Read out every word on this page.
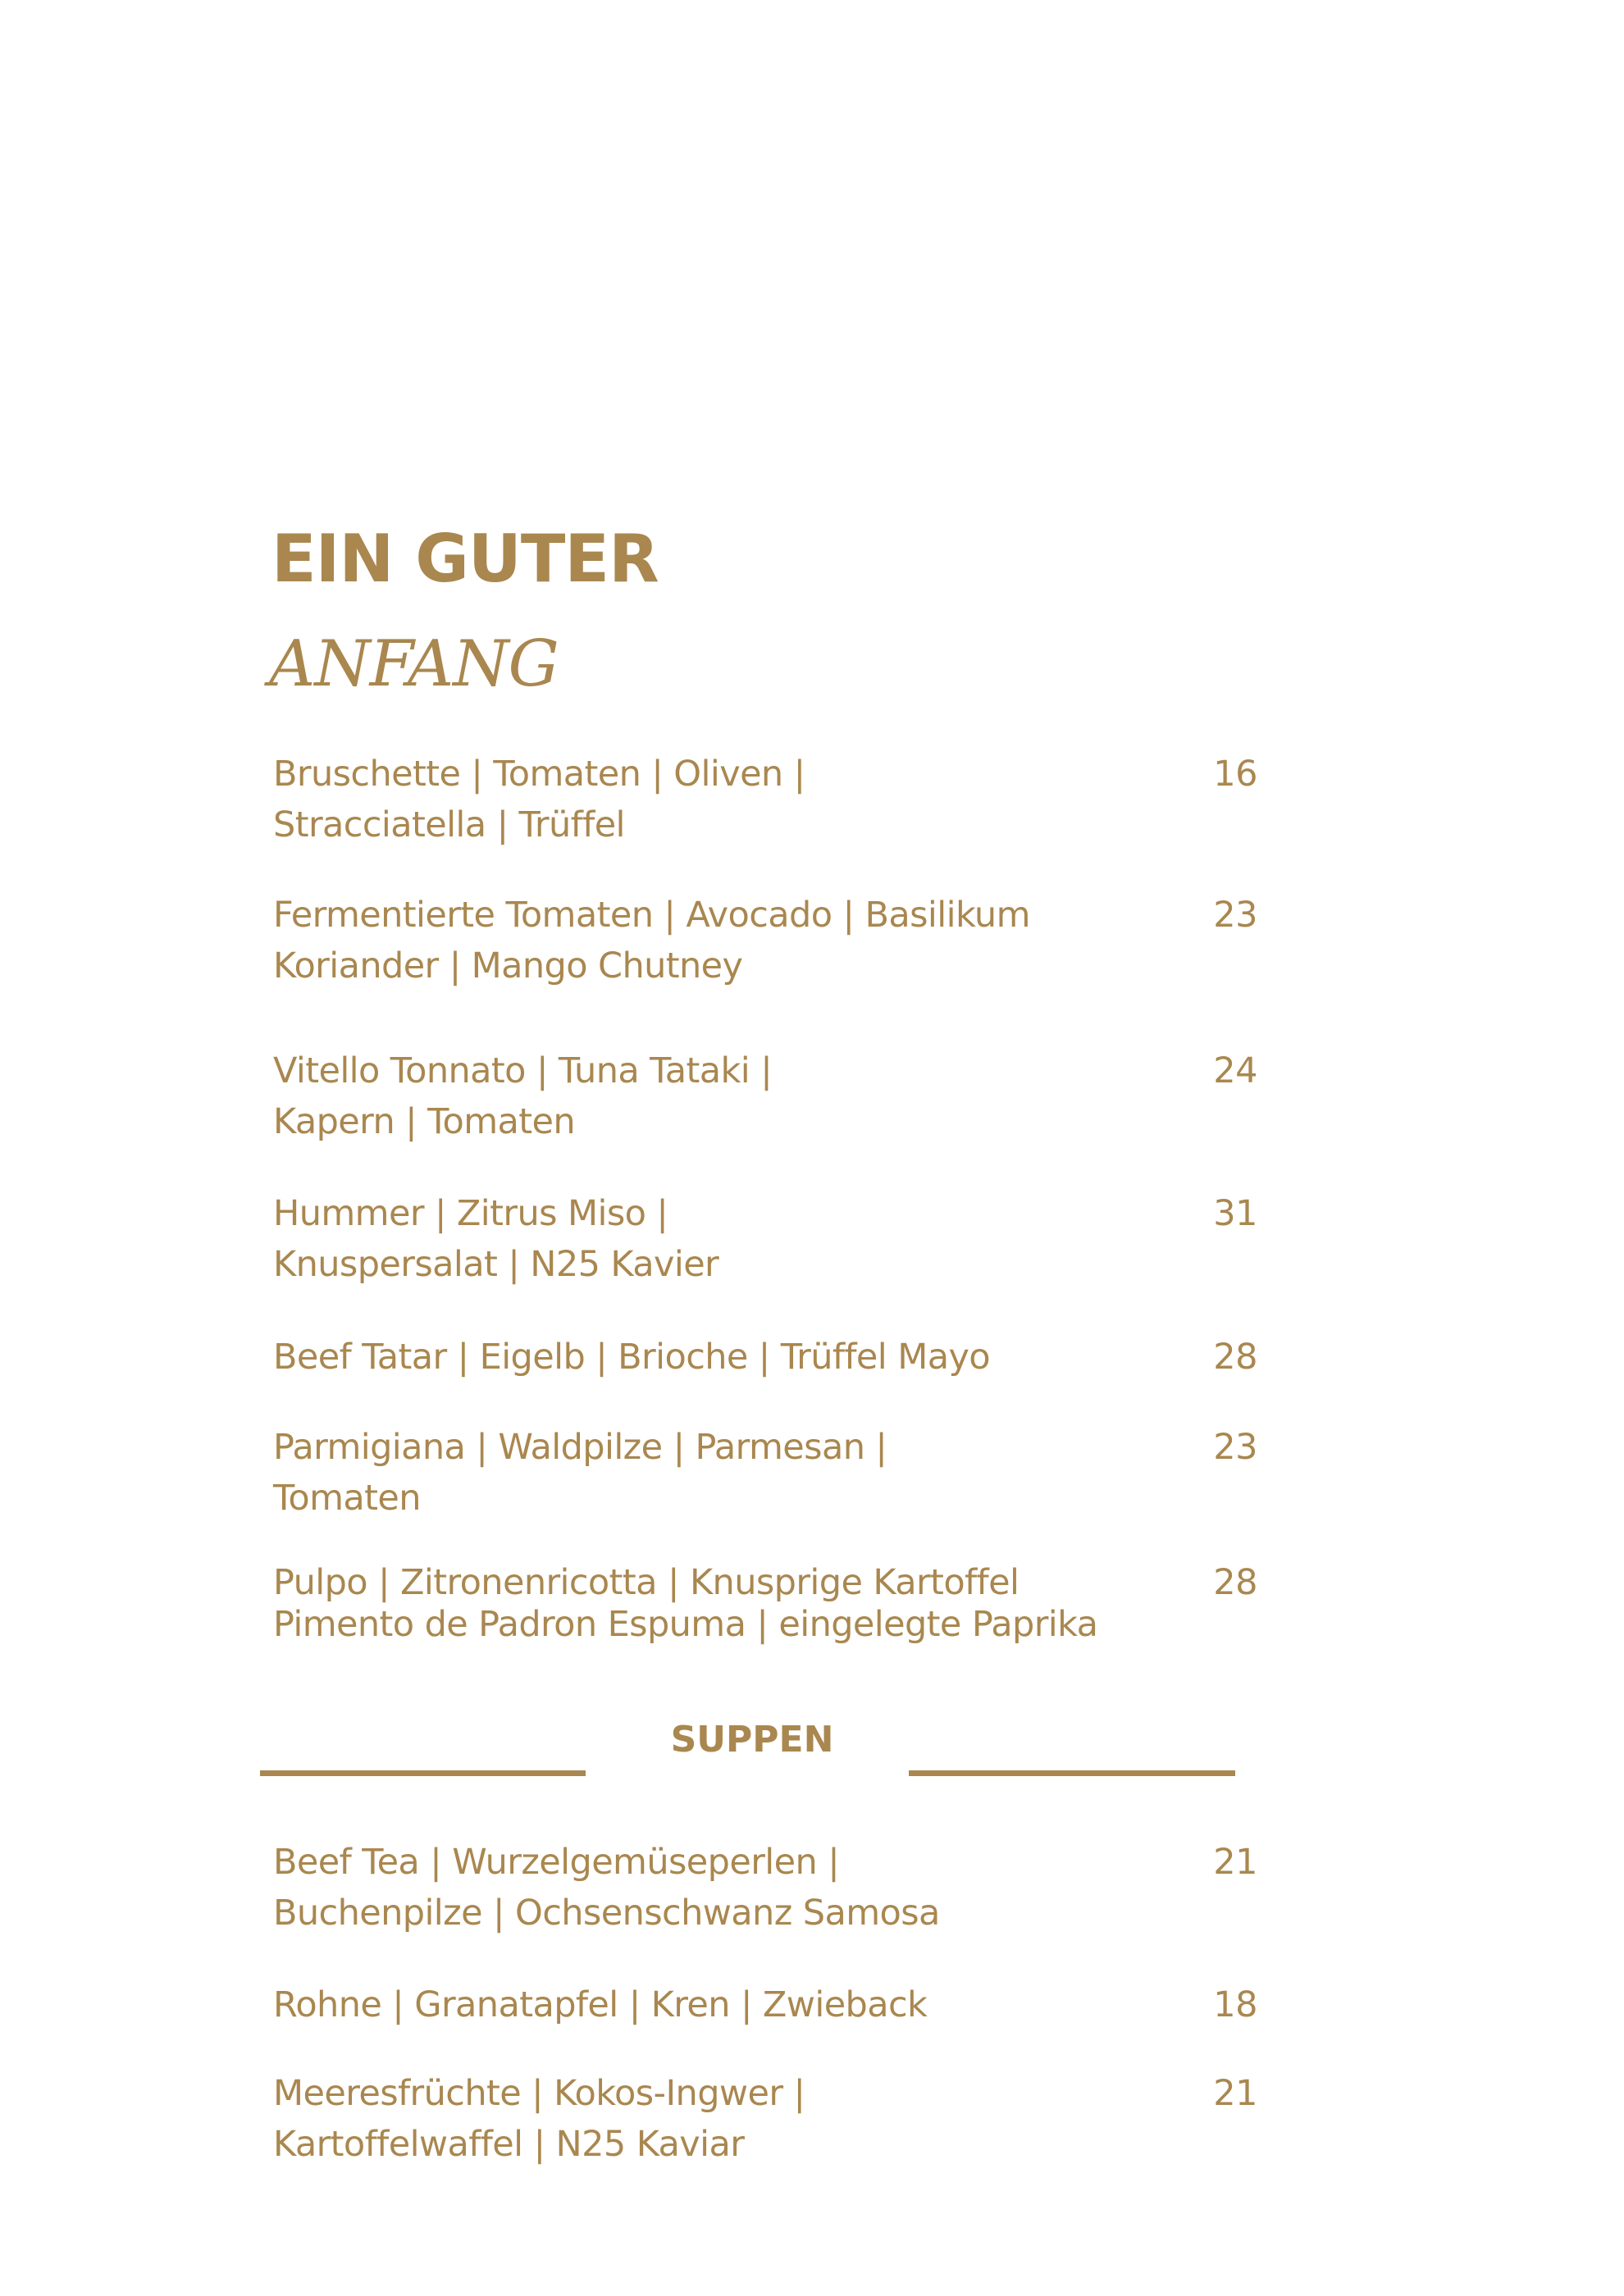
EIN GUTER
ANFANG
Bruschette | Tomaten | Oliven |
Stracciatella | Trüffel
16
Fermentierte Tomaten | Avocado | Basilikum
Koriander | Mango Chutney
23
Vitello Tonnato | Tuna Tataki |
Kapern | Tomaten
24
Hummer | Zitrus Miso |
Knuspersalat | N25 Kavier
31
Beef Tatar | Eigelb | Brioche | Trüffel Mayo	28
Parmigiana | Waldpilze | Parmesan |
Tomaten
23
Pulpo | Zitronenricotta | Knusprige Kartoffel
Pimento de Padron Espuma | eingelegte Paprika
28
SUPPEN
Beef Tea | Wurzelgemüseperlen |
Buchenpilze | Ochsenschwanz Samosa
21
Rohne | Granatapfel | Kren | Zwieback	18
Meeresfrüchte | Kokos-Ingwer |
Kartoffelwaffel | N25 Kaviar
21
